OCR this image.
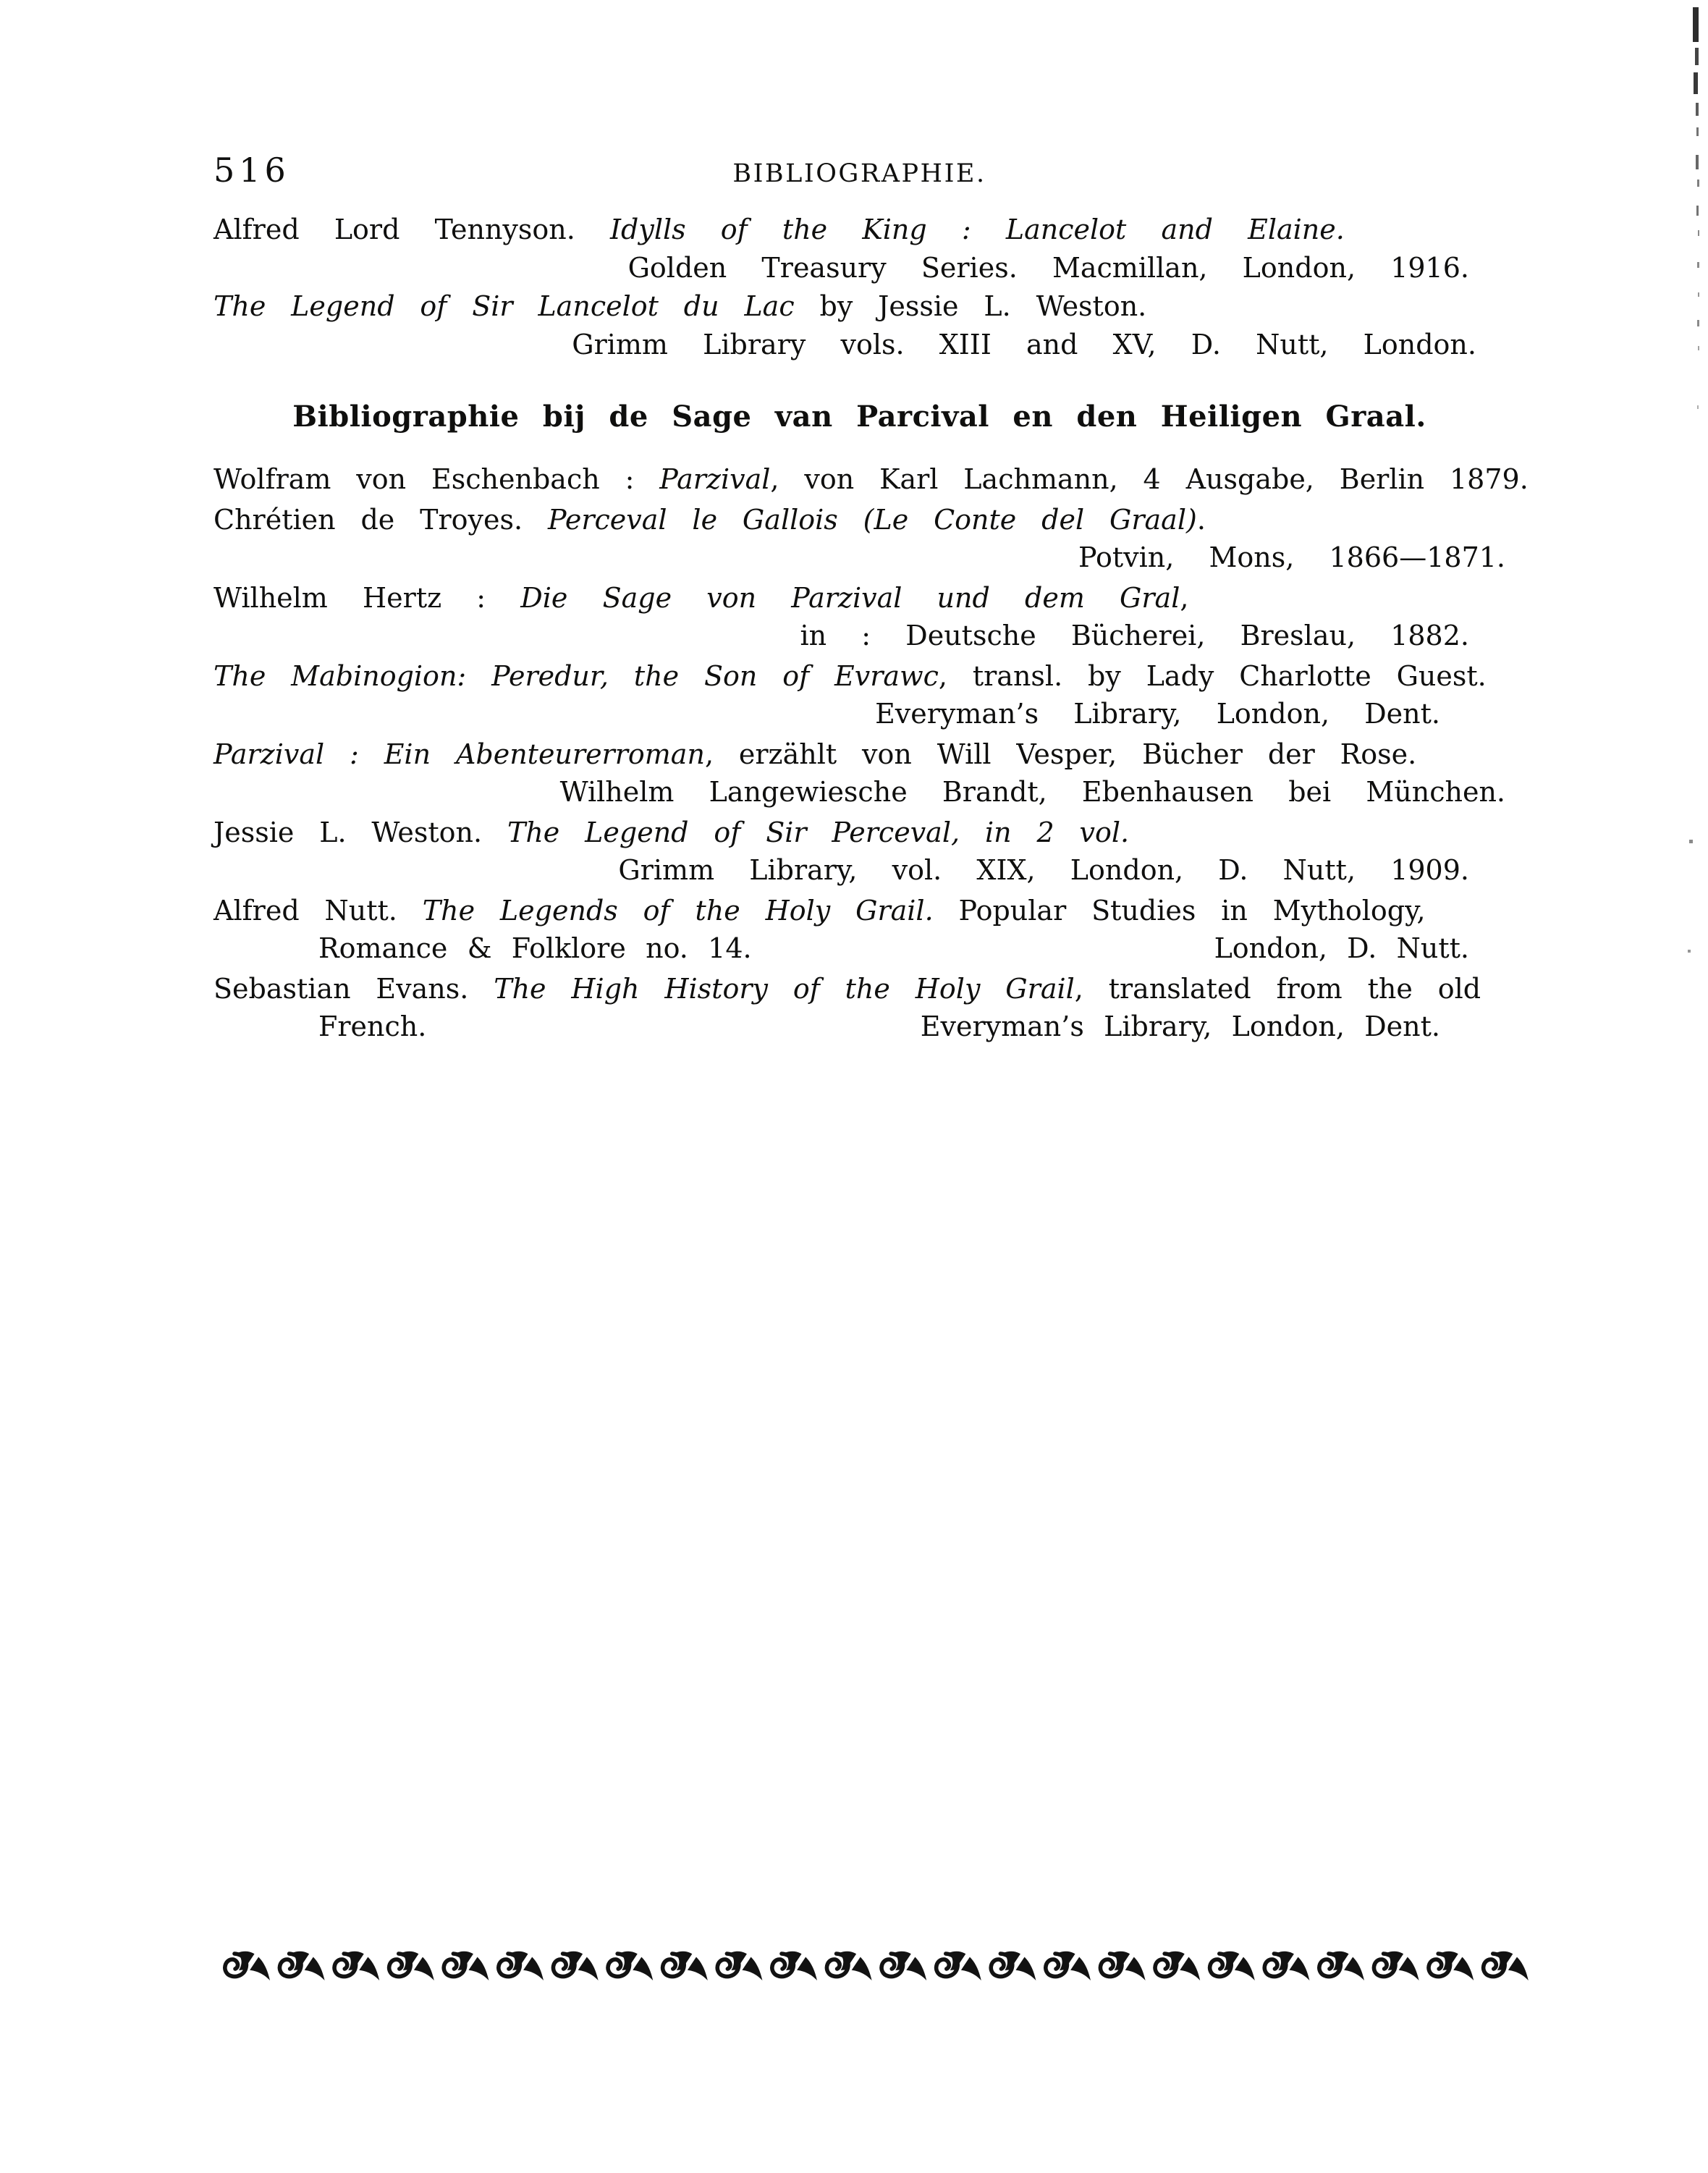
516	BIBLIOGRAPHIE.

Alfred Lord Tennyson. Idylls of the King : Lancelot and Elaine.

Golden Treasury Series. Macmillan, London, 1916.

The Legend of Sir Lancelot du Lac by Jessie L. Weston.

Grimm Library vols. XIII and XV, D. Nutt, London.

Bibliographie bij de Sage van Parcival en den Heiligen Graal.

Wolfram von Eschenbach : Parzival, von Karl Lachmann, 4 Ausgabe, Berlin 1879.

Chrétien de Troyes. Perceval le Gallois (Le Conte del Graal).

Potvin, Mons, 1866—1871.

Wilhelm Hertz : Die Sage von Parzival und dem Gral,

in : Deutsche Bücherei, Breslau, 1882.

The Mabinogion: Peredur, the Son of Evrawc, transl. by Lady Charlotte Guest.

Everyman’s Library, London, Dent.

Parzival : Ein Abenteurerroman, erzählt von Will Vesper, Bücher der Rose.

Wilhelm Langewiesche Brandt, Ebenhausen bei München.

Jessie L. Weston. The Legend of Sir Perceval, in 2 vol.

Grimm Library, vol. XIX, London, D. Nutt, 1909.

Alfred Nutt. The Legends of the Holy Grail. Popular Studies in Mythology,

Romance & Folklore no. 14.	London, D. Nutt.

Sebastian Evans. The High History of the Holy Grail, translated from the old

French.	Everyman’s Library, London, Dent.
